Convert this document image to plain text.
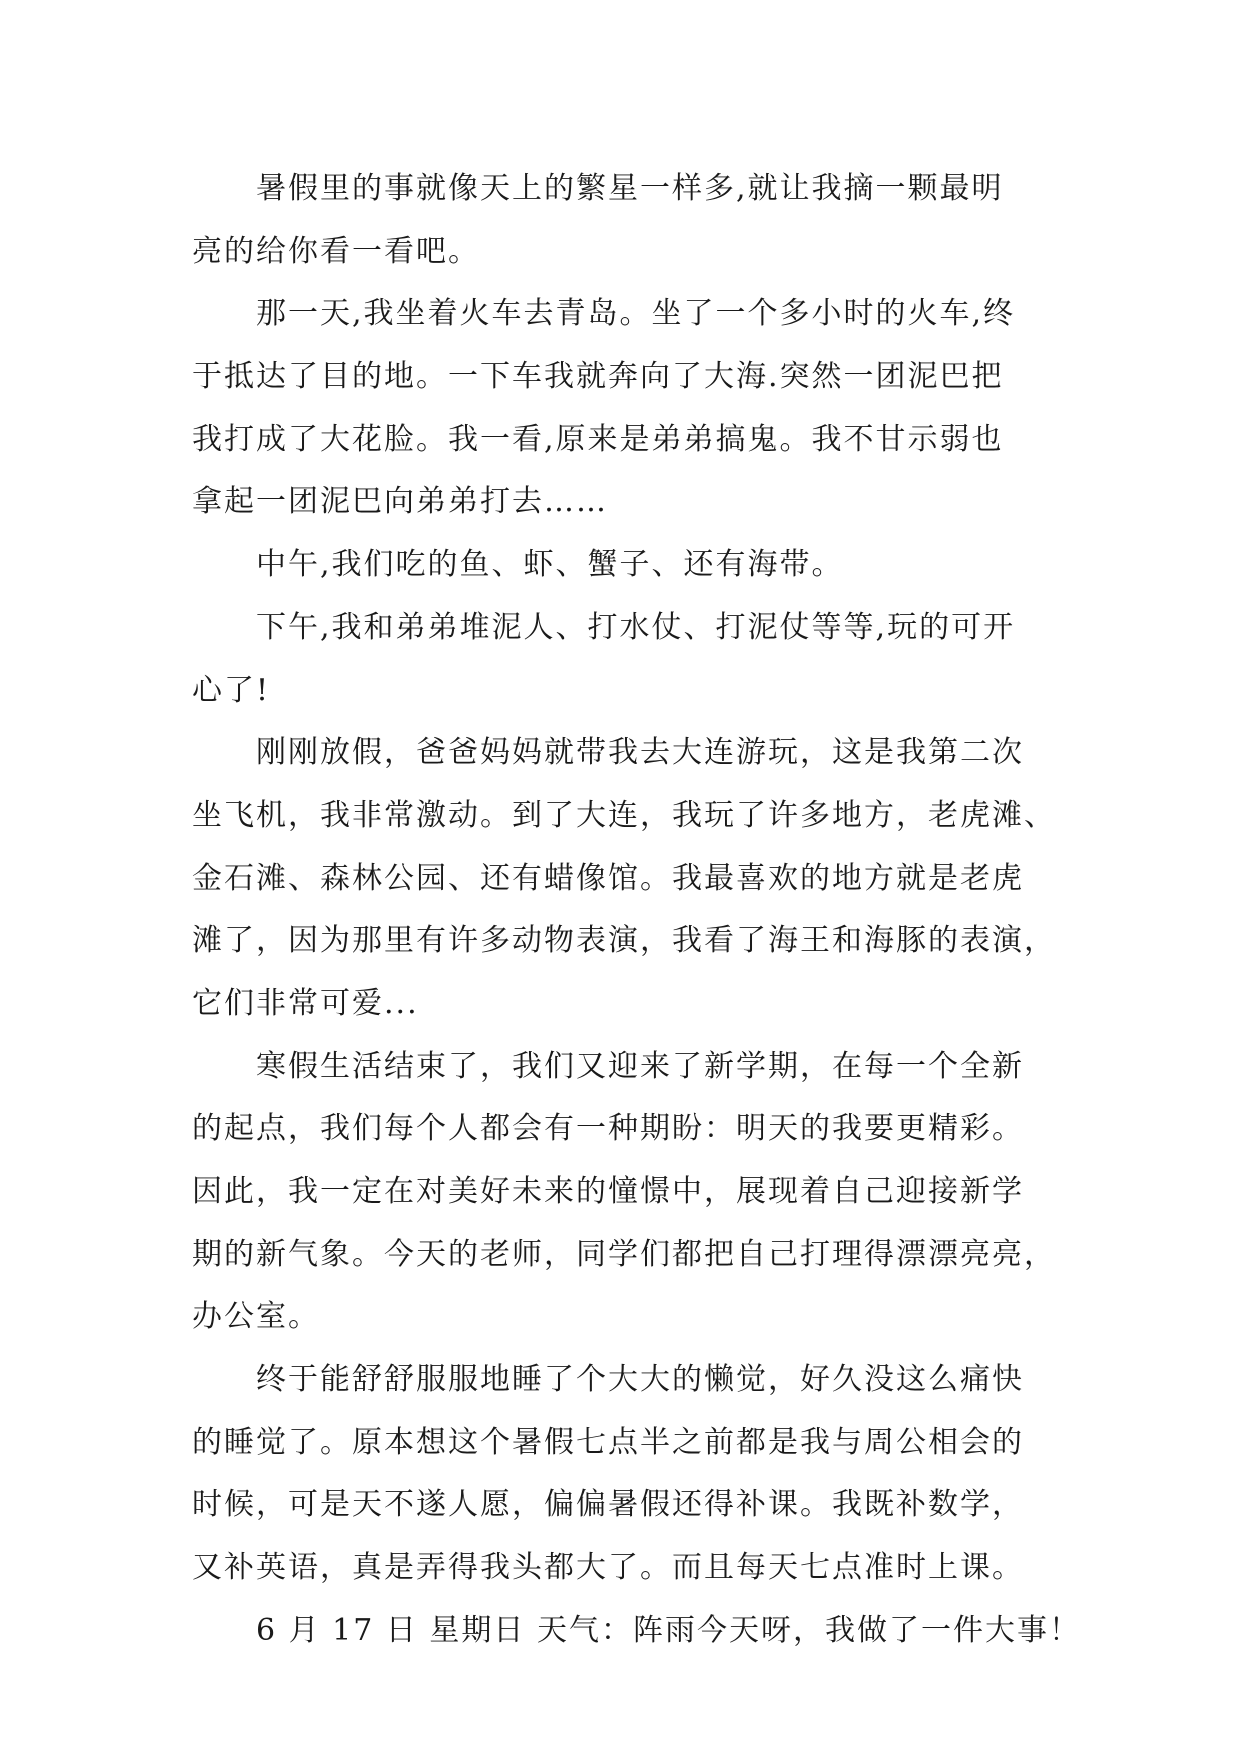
暑假里的事就像天上的繁星一样多,就让我摘一颗最明
亮的给你看一看吧。
那一天,我坐着火车去青岛。坐了一个多小时的火车,终
于抵达了目的地。一下车我就奔向了大海.突然一团泥巴把
我打成了大花脸。我一看,原来是弟弟搞鬼。我不甘示弱也
拿起一团泥巴向弟弟打去……
中午,我们吃的鱼、虾、蟹子、还有海带。
下午,我和弟弟堆泥人、打水仗、打泥仗等等,玩的可开
心了!
刚刚放假，爸爸妈妈就带我去大连游玩，这是我第二次
坐飞机，我非常激动。到了大连，我玩了许多地方，老虎滩、
金石滩、森林公园、还有蜡像馆。我最喜欢的地方就是老虎
滩了，因为那里有许多动物表演，我看了海王和海豚的表演，
它们非常可爱...
寒假生活结束了，我们又迎来了新学期，在每一个全新
的起点，我们每个人都会有一种期盼：明天的我要更精彩。
因此，我一定在对美好未来的憧憬中，展现着自己迎接新学
期的新气象。今天的老师，同学们都把自己打理得漂漂亮亮，
办公室。
终于能舒舒服服地睡了个大大的懒觉，好久没这么痛快
的睡觉了。原本想这个暑假七点半之前都是我与周公相会的
时候，可是天不遂人愿，偏偏暑假还得补课。我既补数学，
又补英语，真是弄得我头都大了。而且每天七点准时上课。
6 月 17 日 星期日 天气：阵雨今天呀，我做了一件大事！
